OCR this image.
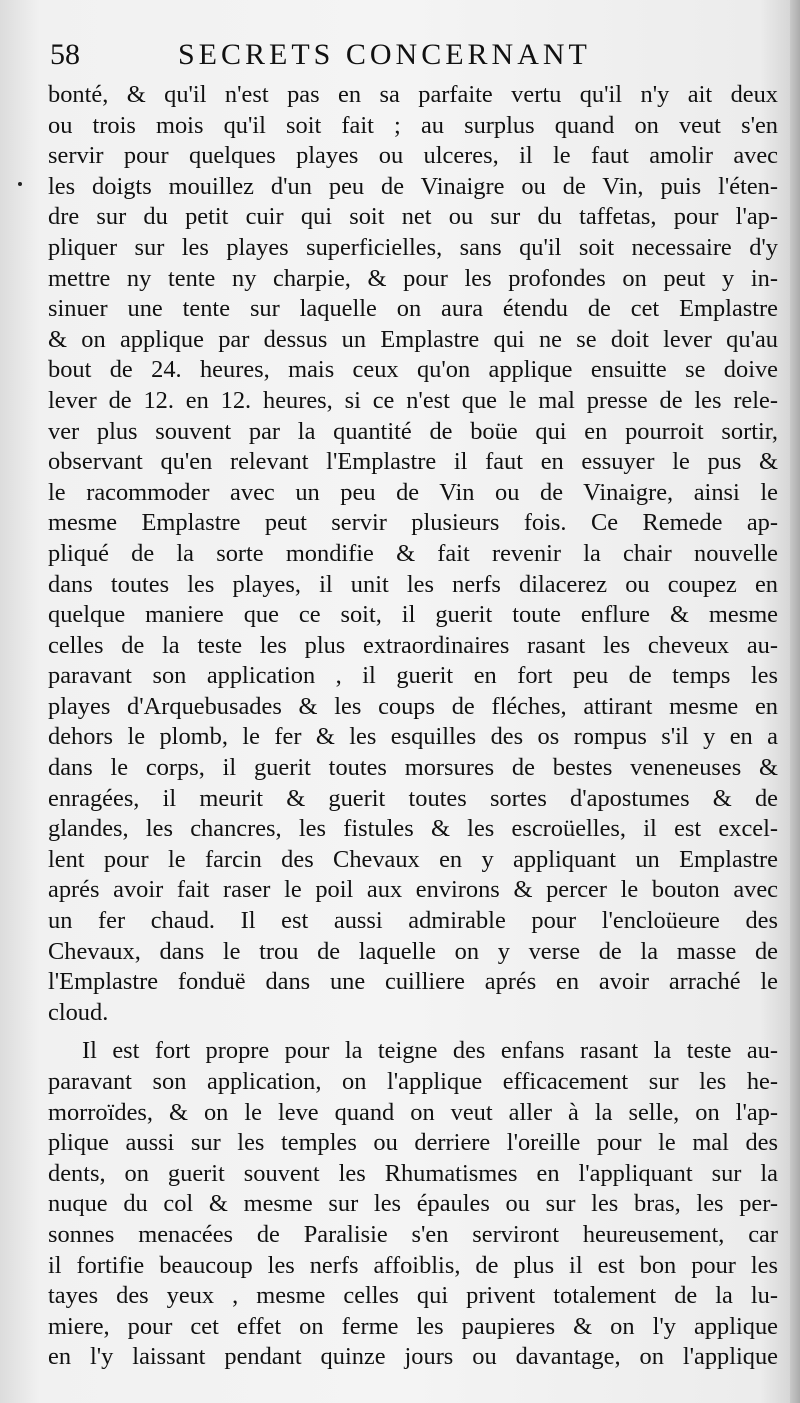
58	SECRETS CONCERNANT
bonté, & qu'il n'est pas en sa parfaite vertu qu'il n'y ait deux
ou trois mois qu'il soit fait ; au surplus quand on veut s'en
servir pour quelques playes ou ulceres, il le faut amolir avec
les doigts mouillez d'un peu de Vinaigre ou de Vin, puis l'éten-
dre sur du petit cuir qui soit net ou sur du taffetas, pour l'ap-
pliquer sur les playes superficielles, sans qu'il soit necessaire d'y
mettre ny tente ny charpie, & pour les profondes on peut y in-
sinuer une tente sur laquelle on aura étendu de cet Emplastre
& on applique par dessus un Emplastre qui ne se doit lever qu'au
bout de 24. heures, mais ceux qu'on applique ensuitte se doive
lever de 12. en 12. heures, si ce n'est que le mal presse de les rele-
ver plus souvent par la quantité de boüe qui en pourroit sortir,
observant qu'en relevant l'Emplastre il faut en essuyer le pus &
le racommoder avec un peu de Vin ou de Vinaigre, ainsi le
mesme Emplastre peut servir plusieurs fois. Ce Remede ap-
pliqué de la sorte mondifie & fait revenir la chair nouvelle
dans toutes les playes, il unit les nerfs dilacerez ou coupez en
quelque maniere que ce soit, il guerit toute enflure & mesme
celles de la teste les plus extraordinaires rasant les cheveux au-
paravant son application , il guerit en fort peu de temps les
playes d'Arquebusades & les coups de fléches, attirant mesme en
dehors le plomb, le fer & les esquilles des os rompus s'il y en a
dans le corps, il guerit toutes morsures de bestes veneneuses &
enragées, il meurit & guerit toutes sortes d'apostumes & de
glandes, les chancres, les fistules & les escroüelles, il est excel-
lent pour le farcin des Chevaux en y appliquant un Emplastre
aprés avoir fait raser le poil aux environs & percer le bouton avec
un fer chaud. Il est aussi admirable pour l'encloüeure des
Chevaux, dans le trou de laquelle on y verse de la masse de
l'Emplastre fonduë dans une cuilliere aprés en avoir arraché le
cloud.
Il est fort propre pour la teigne des enfans rasant la teste au-
paravant son application, on l'applique efficacement sur les he-
morroïdes, & on le leve quand on veut aller à la selle, on l'ap-
plique aussi sur les temples ou derriere l'oreille pour le mal des
dents, on guerit souvent les Rhumatismes en l'appliquant sur la
nuque du col & mesme sur les épaules ou sur les bras, les per-
sonnes menacées de Paralisie s'en serviront heureusement, car
il fortifie beaucoup les nerfs affoiblis, de plus il est bon pour les
tayes des yeux , mesme celles qui privent totalement de la lu-
miere, pour cet effet on ferme les paupieres & on l'y applique
en l'y laissant pendant quinze jours ou davantage, on l'applique
